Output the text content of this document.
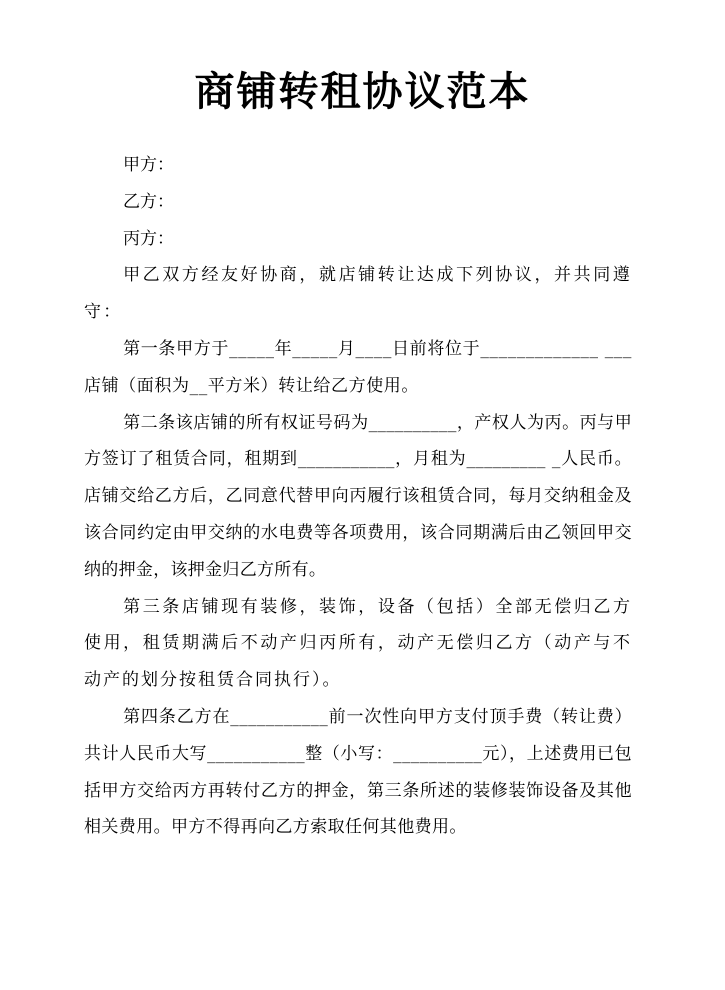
商铺转租协议范本

甲方：

乙方：

丙方：

甲乙双方经友好协商，就店铺转让达成下列协议，并共同遵守：

第一条甲方于_____年_____月____日前将位于_____________ ___店铺（面积为__平方米）转让给乙方使用。

第二条该店铺的所有权证号码为__________，产权人为丙。丙与甲方签订了租赁合同，租期到___________，月租为_________ _人民币。店铺交给乙方后，乙同意代替甲向丙履行该租赁合同，每月交纳租金及该合同约定由甲交纳的水电费等各项费用，该合同期满后由乙领回甲交纳的押金，该押金归乙方所有。

第三条店铺现有装修，装饰，设备（包括）全部无偿归乙方使用，租赁期满后不动产归丙所有，动产无偿归乙方（动产与不动产的划分按租赁合同执行）。

第四条乙方在___________前一次性向甲方支付顶手费（转让费）共计人民币大写___________整（小写：__________元），上述费用已包括甲方交给丙方再转付乙方的押金，第三条所述的装修装饰设备及其他相关费用。甲方不得再向乙方索取任何其他费用。
